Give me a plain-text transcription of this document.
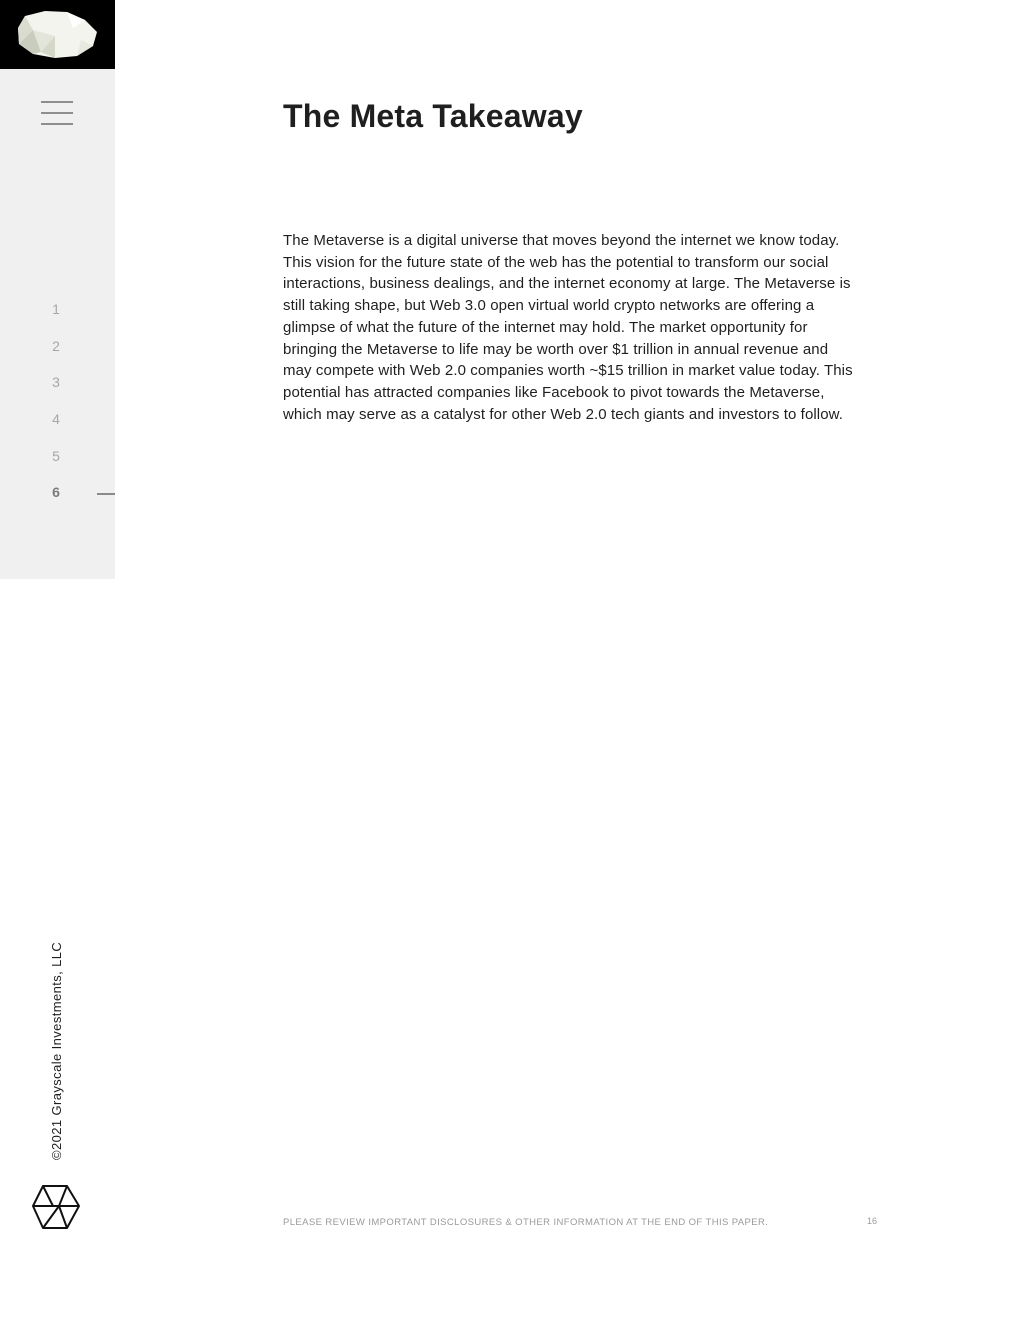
1
2
3
4
5
6
©2021 Grayscale Investments, LLC
The Meta Takeaway

The Metaverse is a digital universe that moves beyond the internet we know today. This vision for the future state of the web has the potential to transform our social interactions, business dealings, and the internet economy at large. The Metaverse is still taking shape, but Web 3.0 open virtual world crypto networks are offering a glimpse of what the future of the internet may hold. The market opportunity for bringing the Metaverse to life may be worth over $1 trillion in annual revenue and may compete with Web 2.0 companies worth ~$15 trillion in market value today. This potential has attracted companies like Facebook to pivot towards the Metaverse, which may serve as a catalyst for other Web 2.0 tech giants and investors to follow.

PLEASE REVIEW IMPORTANT DISCLOSURES & OTHER INFORMATION AT THE END OF THIS PAPER.	16
